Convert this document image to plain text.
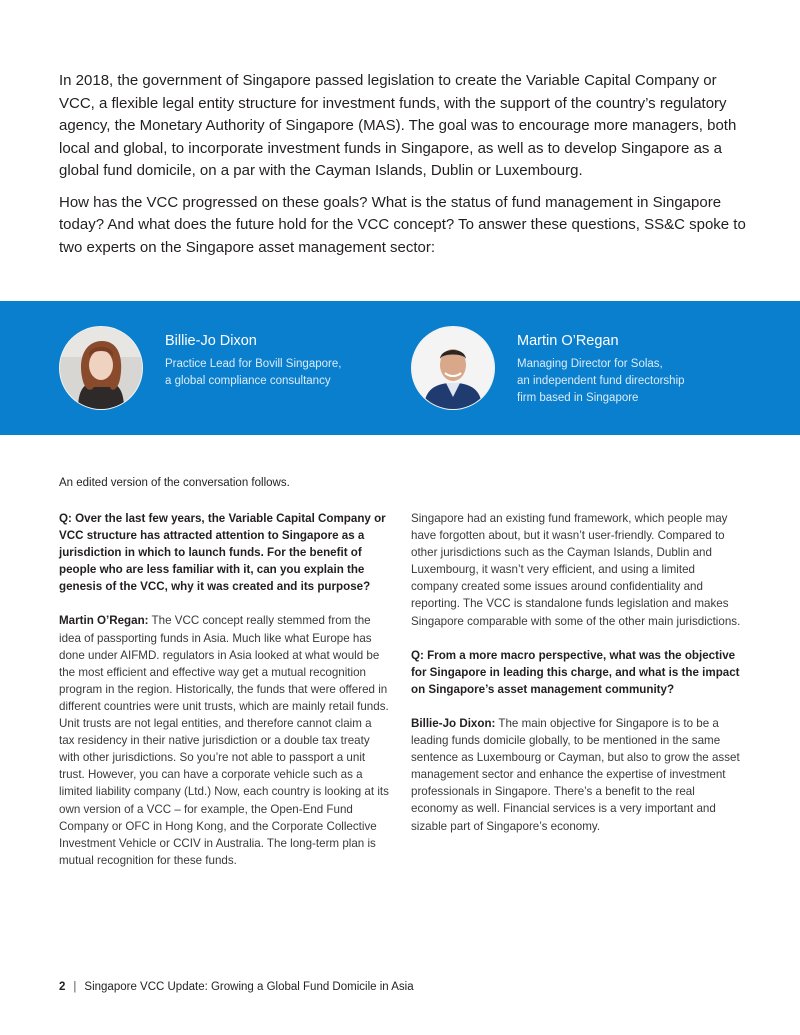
In 2018, the government of Singapore passed legislation to create the Variable Capital Company or VCC, a flexible legal entity structure for investment funds, with the support of the country’s regulatory agency, the Monetary Authority of Singapore (MAS). The goal was to encourage more managers, both local and global, to incorporate investment funds in Singapore, as well as to develop Singapore as a global fund domicile, on a par with the Cayman Islands, Dublin or Luxembourg.

How has the VCC progressed on these goals? What is the status of fund management in Singapore today? And what does the future hold for the VCC concept? To answer these questions, SS&C spoke to two experts on the Singapore asset management sector:

Billie-Jo Dixon
Practice Lead for Bovill Singapore,
a global compliance consultancy
Martin O’Regan
Managing Director for Solas,
an independent fund directorship
firm based in Singapore
An edited version of the conversation follows.

Q: Over the last few years, the Variable Capital Company or VCC structure has attracted attention to Singapore as a jurisdiction in which to launch funds. For the benefit of people who are less familiar with it, can you explain the genesis of the VCC, why it was created and its purpose?

Martin O’Regan: The VCC concept really stemmed from the idea of passporting funds in Asia. Much like what Europe has done under AIFMD. regulators in Asia looked at what would be the most efficient and effective way get a mutual recognition program in the region. Historically, the funds that were offered in different countries were unit trusts, which are mainly retail funds. Unit trusts are not legal entities, and therefore cannot claim a tax residency in their native jurisdiction or a double tax treaty with other jurisdictions. So you’re not able to passport a unit trust. However, you can have a corporate vehicle such as a limited liability company (Ltd.) Now, each country is looking at its own version of a VCC – for example, the Open-End Fund Company or OFC in Hong Kong, and the Corporate Collective Investment Vehicle or CCIV in Australia. The long-term plan is mutual recognition for these funds.

Singapore had an existing fund framework, which people may have forgotten about, but it wasn’t user-friendly. Compared to other jurisdictions such as the Cayman Islands, Dublin and Luxembourg, it wasn’t very efficient, and using a limited company created some issues around confidentiality and reporting. The VCC is standalone funds legislation and makes Singapore comparable with some of the other main jurisdictions.

Q: From a more macro perspective, what was the objective for Singapore in leading this charge, and what is the impact on Singapore’s asset management community?

Billie-Jo Dixon: The main objective for Singapore is to be a leading funds domicile globally, to be mentioned in the same sentence as Luxembourg or Cayman, but also to grow the asset management sector and enhance the expertise of investment professionals in Singapore. There’s a benefit to the real economy as well. Financial services is a very important and sizable part of Singapore’s economy.

2 | Singapore VCC Update: Growing a Global Fund Domicile in Asia
